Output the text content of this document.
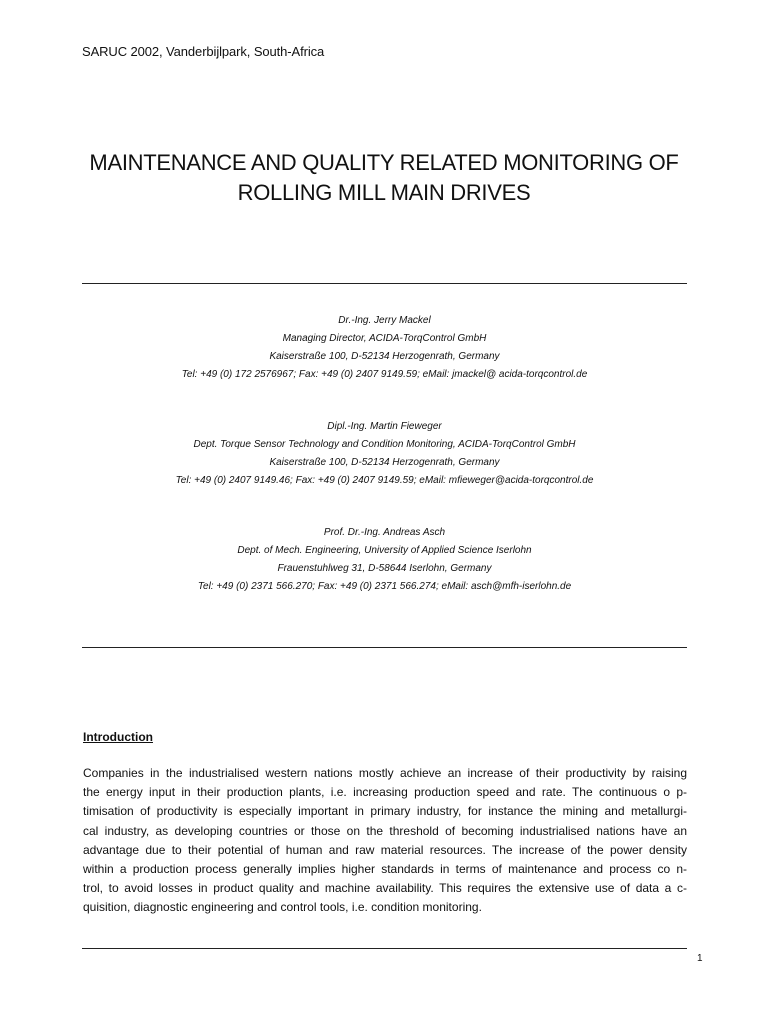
SARUC 2002, Vanderbijlpark, South-Africa
MAINTENANCE AND QUALITY RELATED MONITORING OF
ROLLING MILL MAIN DRIVES
Dr.-Ing. Jerry Mackel
Managing Director, ACIDA-TorqControl GmbH
Kaiserstraße 100, D-52134 Herzogenrath, Germany
Tel: +49 (0) 172 2576967; Fax: +49 (0) 2407 9149.59; eMail: jmackel@ acida-torqcontrol.de
Dipl.-Ing. Martin Fieweger
Dept. Torque Sensor Technology and Condition Monitoring, ACIDA-TorqControl GmbH
Kaiserstraße 100, D-52134 Herzogenrath, Germany
Tel: +49 (0) 2407 9149.46; Fax: +49 (0) 2407 9149.59; eMail: mfieweger@acida-torqcontrol.de
Prof. Dr.-Ing. Andreas Asch
Dept. of Mech. Engineering, University of Applied Science Iserlohn
Frauenstuhlweg 31, D-58644 Iserlohn, Germany
Tel: +49 (0) 2371 566.270; Fax: +49 (0) 2371 566.274; eMail: asch@mfh-iserlohn.de
Introduction
Companies in the industrialised western nations mostly achieve an increase of their productivity by raising
the energy input in their production plants, i.e. increasing production speed and rate. The continuous o p-
timisation of productivity is especially important in primary industry, for instance the mining and metallurgi-
cal industry, as developing countries or those on the threshold of becoming industrialised nations have an
advantage due to their potential of human and raw material resources. The increase of the power density
within a production process generally implies higher standards in terms of maintenance and process co n-
trol, to avoid losses in product quality and machine availability. This requires the extensive use of data a c-
quisition, diagnostic engineering and control tools, i.e. condition monitoring.
1
